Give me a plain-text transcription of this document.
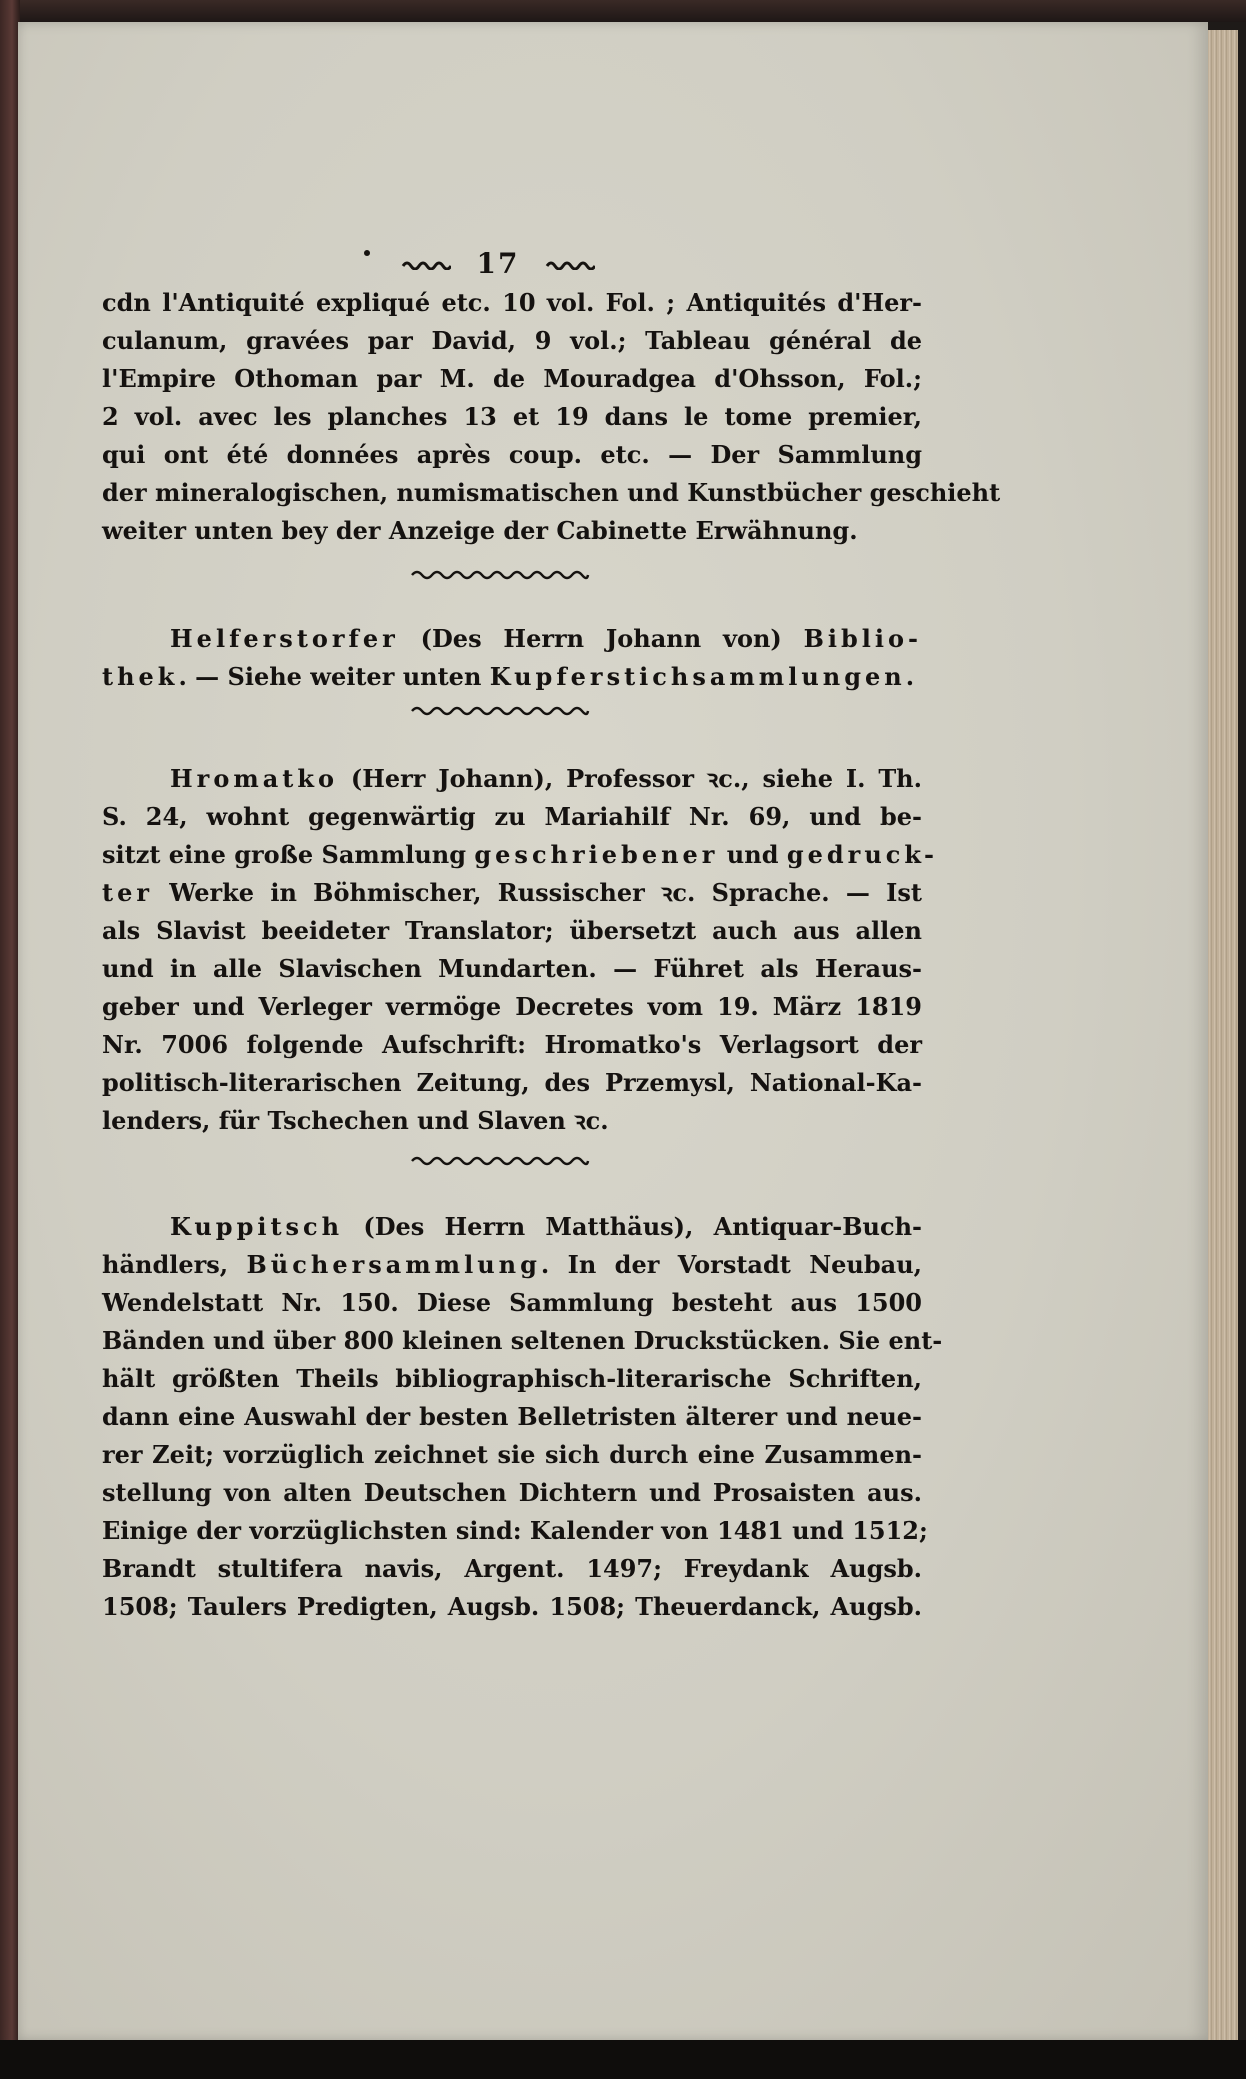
17
cdn l'Antiquité expliqué etc. 10 vol. Fol. ; Antiquités d'Her-
culanum, gravées par David, 9 vol.; Tableau général de
l'Empire Othoman par M. de Mouradgea d'Ohsson, Fol.;
2 vol. avec les planches 13 et 19 dans le tome premier,
qui ont été données après coup. etc. — Der Sammlung
der mineralogischen, numismatischen und Kunstbücher geschieht
weiter unten bey der Anzeige der Cabinette Erwähnung.
Helferstorfer (Des Herrn Johann von) Biblio-
thek. — Siehe weiter unten Kupferstichsammlungen.
Hromatko (Herr Johann), Professor ꝛc., siehe I. Th.
S. 24, wohnt gegenwärtig zu Mariahilf Nr. 69, und be-
sitzt eine große Sammlung geschriebener und gedruck-
ter Werke in Böhmischer, Russischer ꝛc. Sprache. — Ist
als Slavist beeideter Translator; übersetzt auch aus allen
und in alle Slavischen Mundarten. — Führet als Heraus-
geber und Verleger vermöge Decretes vom 19. März 1819
Nr. 7006 folgende Aufschrift: Hromatko's Verlagsort der
politisch-literarischen Zeitung, des Przemysl, National-Ka-
lenders, für Tschechen und Slaven ꝛc.
Kuppitsch (Des Herrn Matthäus), Antiquar-Buch-
händlers, Büchersammlung. In der Vorstadt Neubau,
Wendelstatt Nr. 150. Diese Sammlung besteht aus 1500
Bänden und über 800 kleinen seltenen Druckstücken. Sie ent-
hält größten Theils bibliographisch-literarische Schriften,
dann eine Auswahl der besten Belletristen älterer und neue-
rer Zeit; vorzüglich zeichnet sie sich durch eine Zusammen-
stellung von alten Deutschen Dichtern und Prosaisten aus.
Einige der vorzüglichsten sind: Kalender von 1481 und 1512;
Brandt stultifera navis, Argent. 1497; Freydank Augsb.
1508; Taulers Predigten, Augsb. 1508; Theuerdanck, Augsb.
